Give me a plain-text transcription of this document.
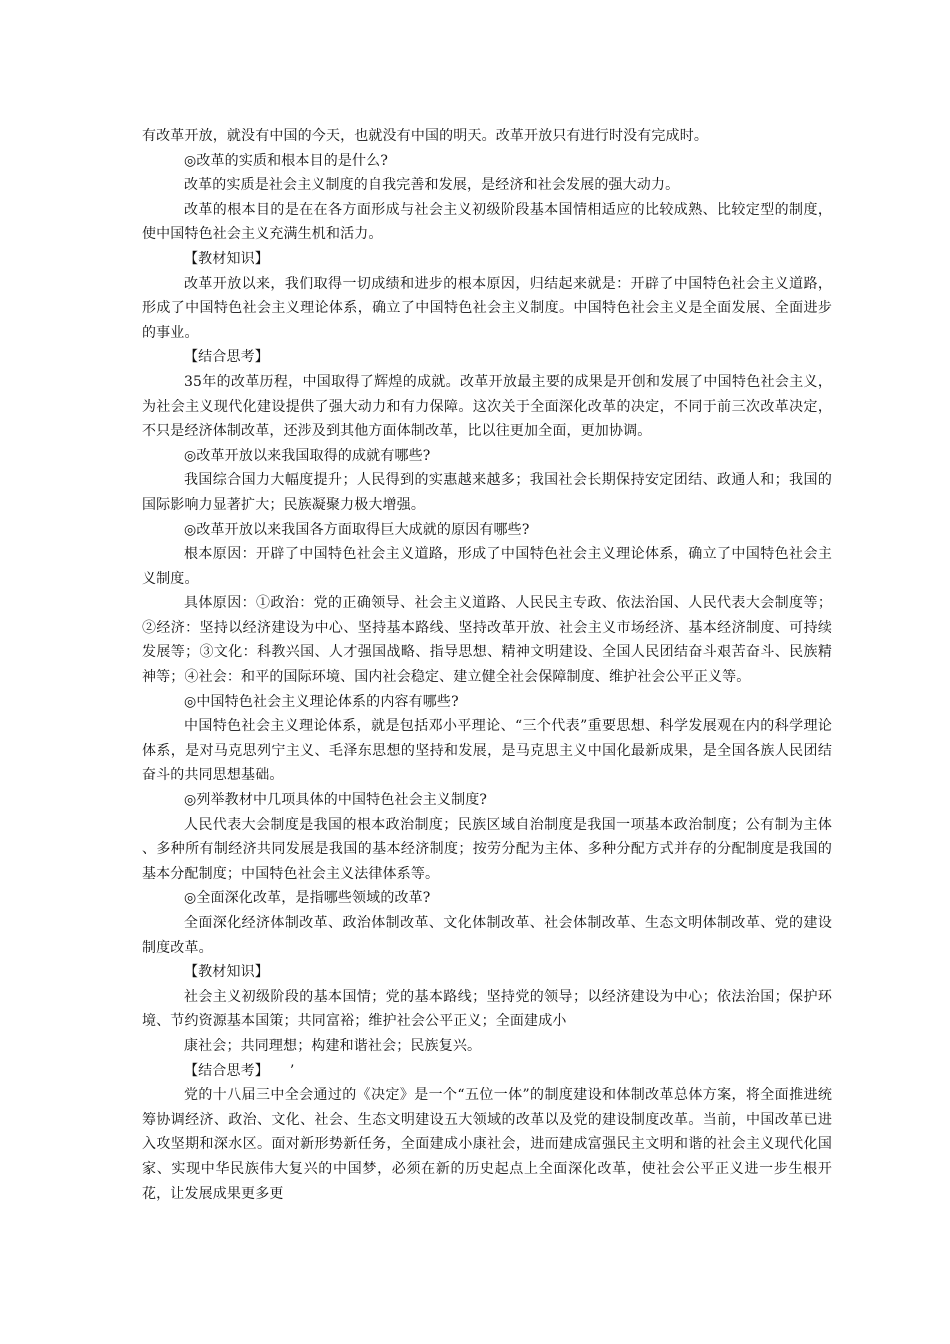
有改革开放，就没有中国的今天，也就没有中国的明天。改革开放只有进行时没有完成时。

◎改革的实质和根本目的是什么?

改革的实质是社会主义制度的自我完善和发展，是经济和社会发展的强大动力。

改革的根本目的是在在各方面形成与社会主义初级阶段基本国情相适应的比较成熟、比较定型的制度，使中国特色社会主义充满生机和活力。

【教材知识】

改革开放以来，我们取得一切成绩和进步的根本原因，归结起来就是：开辟了中国特色社会主义道路，形成了中国特色社会主义理论体系，确立了中国特色社会主义制度。中国特色社会主义是全面发展、全面进步的事业。

【结合思考】

35年的改革历程，中国取得了辉煌的成就。改革开放最主要的成果是开创和发展了中国特色社会主义，为社会主义现代化建设提供了强大动力和有力保障。这次关于全面深化改革的决定，不同于前三次改革决定，不只是经济体制改革，还涉及到其他方面体制改革，比以往更加全面，更加协调。

◎改革开放以来我国取得的成就有哪些?

我国综合国力大幅度提升；人民得到的实惠越来越多；我国社会长期保持安定团结、政通人和；我国的国际影响力显著扩大；民族凝聚力极大增强。

◎改革开放以来我国各方面取得巨大成就的原因有哪些?

根本原因：开辟了中国特色社会主义道路，形成了中国特色社会主义理论体系，确立了中国特色社会主义制度。

具体原因：①政治：党的正确领导、社会主义道路、人民民主专政、依法治国、人民代表大会制度等；②经济：坚持以经济建设为中心、坚持基本路线、坚持改革开放、社会主义市场经济、基本经济制度、可持续发展等；③文化：科教兴国、人才强国战略、指导思想、精神文明建设、全国人民团结奋斗艰苦奋斗、民族精神等；④社会：和平的国际环境、国内社会稳定、建立健全社会保障制度、维护社会公平正义等。

◎中国特色社会主义理论体系的内容有哪些?

中国特色社会主义理论体系，就是包括邓小平理论、“三个代表”重要思想、科学发展观在内的科学理论体系，是对马克思列宁主义、毛泽东思想的坚持和发展，是马克思主义中国化最新成果，是全国各族人民团结奋斗的共同思想基础。

◎列举教材中几项具体的中国特色社会主义制度?

人民代表大会制度是我国的根本政治制度；民族区域自治制度是我国一项基本政治制度；公有制为主体 、多种所有制经济共同发展是我国的基本经济制度；按劳分配为主体、多种分配方式并存的分配制度是我国的基本分配制度；中国特色社会主义法律体系等。

◎全面深化改革，是指哪些领域的改革?

全面深化经济体制改革、政治体制改革、文化体制改革、社会体制改革、生态文明体制改革、党的建设制度改革。

【教材知识】

社会主义初级阶段的基本国情；党的基本路线；坚持党的领导；以经济建设为中心；依法治国；保护环境、节约资源基本国策；共同富裕；维护社会公平正义；全面建成小

康社会；共同理想；构建和谐社会；民族复兴。

【结合思考】 ’

党的十八届三中全会通过的《决定》是一个“五位一体”的制度建设和体制改革总体方案，将全面推进统筹协调经济、政治、文化、社会、生态文明建设五大领域的改革以及党的建设制度改革。当前，中国改革已进入攻坚期和深水区。面对新形势新任务，全面建成小康社会，进而建成富强民主文明和谐的社会主义现代化国家、实现中华民族伟大复兴的中国梦，必须在新的历史起点上全面深化改革，使社会公平正义进一步生根开花，让发展成果更多更
